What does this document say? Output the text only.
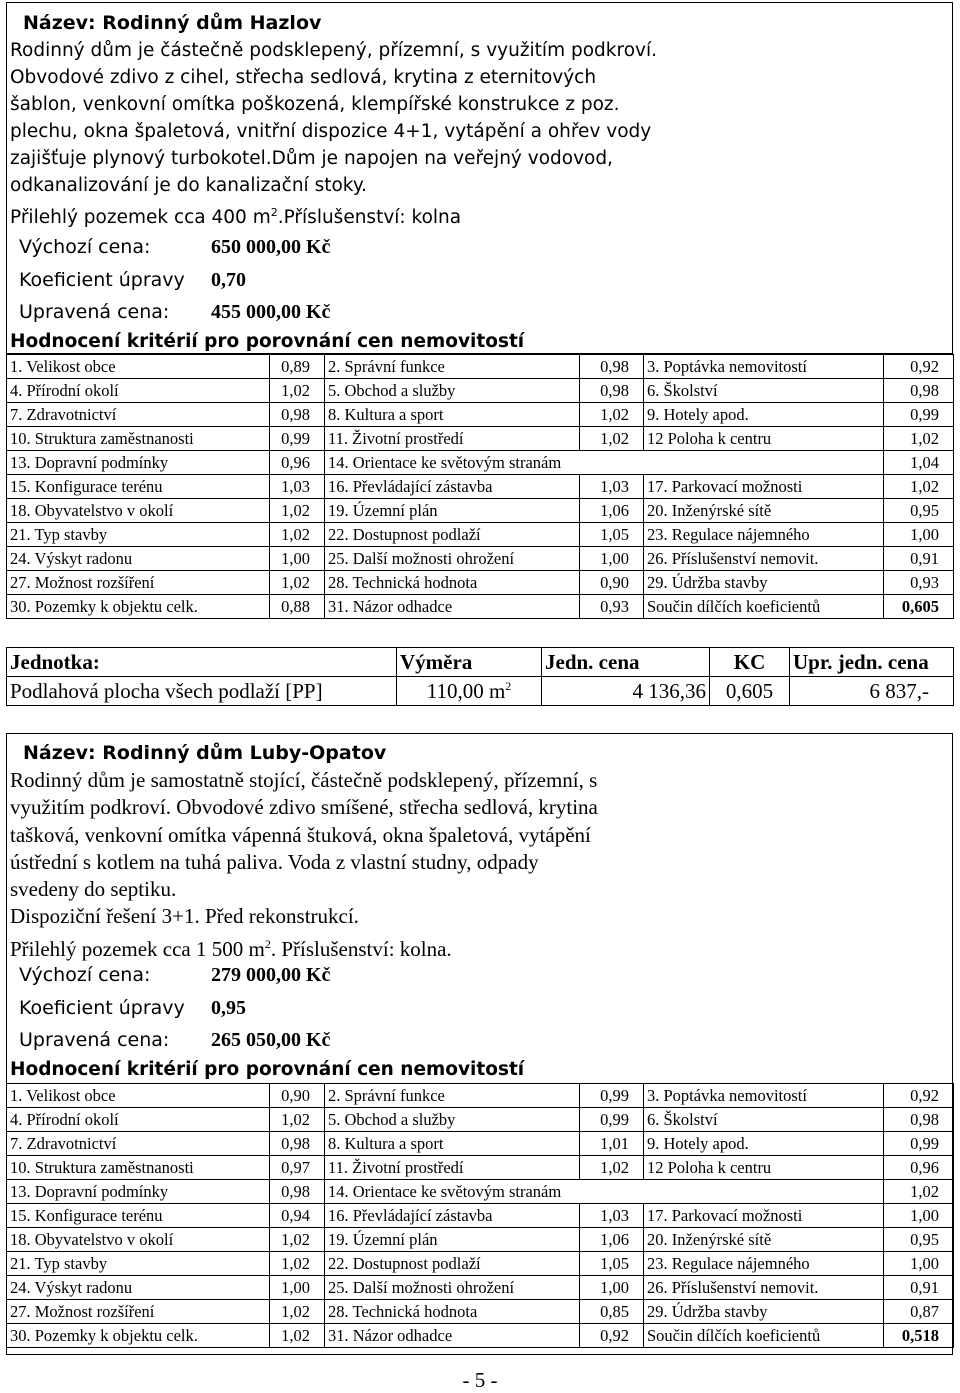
Název: Rodinný dům Hazlov
Rodinný dům je částečně podsklepený, přízemní, s využitím podkroví.
Obvodové zdivo z cihel, střecha sedlová, krytina z eternitových
šablon, venkovní omítka poškozená, klempířské konstrukce z poz.
plechu, okna špaletová, vnitřní dispozice 4+1, vytápění a ohřev vody
zajišťuje plynový turbokotel.Dům je napojen na veřejný vodovod,
odkanalizování je do kanalizační stoky.
Přilehlý pozemek cca 400 $m^2.Příslušenství$: kolna
Výchozí cena:	650 000,00 Kč
Koeficient úpravy 0,70
Upravená cena: 455 000,00 Kč
Hodnocení kritérií pro porovnání cen nemovitostí
1. Velikost obce	0,89	2. Správní funkce	0,98	3. Poptávka nemovitostí	0,92
4. Přírodní okolí	1,02	5. Obchod a služby	0,98	6. Školství	0,98
7. Zdravotnictví	0,98	8. Kultura a sport	1,02	9. Hotely apod.	0,99
10. Struktura zaměstnanosti	0,99	11. Životní prostředí	1,02	12 Poloha k centru	1,02
13. Dopravní podmínky	0,96	14. Orientace ke světovým stranám			1,04
15. Konfigurace terénu	1,03	16. Převládající zástavba	1,03	17. Parkovací možnosti	1,02
18. Obyvatelstvo v okolí	1,02	19. Územní plán	1,06	20. Inženýrské sítě	0,95
21. Typ stavby	1,02	22. Dostupnost podlaží	1,05	23. Regulace nájemného	1,00
24. Výskyt radonu	1,00	25. Další možnosti ohrožení	1,00	26. Příslušenství nemovit.	0,91
27. Možnost rozšíření	1,02	28. Technická hodnota	0,90	29. Údržba stavby	0,93
30. Pozemky k objektu celk.	0,88	31. Názor odhadce	0,93	Součin dílčích koeficientů	0,605
Jednotka:	Výměra	Jedn. cena	KC	Upr. jedn. cena
Podlahová plocha všech podlaží [PP]	110,00 $m^2$	4 136,36	0,605	6 837,-
Název: Rodinný dům Luby-Opatov
Rodinný dům je samostatně stojící, částečně podsklepený, přízemní, s
využitím podkroví. Obvodové zdivo smíšené, střecha sedlová, krytina
tašková, venkovní omítka vápenná štuková, okna špaletová, vytápění
ústřední s kotlem na tuhá paliva. Voda z vlastní studny, odpady
svedeny do septiku.
Dispoziční řešení 3+1. Před rekonstrukcí.
Přilehlý pozemek cca 1 500 $m^2$. Příslušenství: kolna.
Výchozí cena:	279 000,00 Kč
Koeficient úpravy 0,95
Upravená cena: 265 050,00 Kč
Hodnocení kritérií pro porovnání cen nemovitostí
1. Velikost obce	0,90	2. Správní funkce	0,99	3. Poptávka nemovitostí	0,92
4. Přírodní okolí	1,02	5. Obchod a služby	0,99	6. Školství	0,98
7. Zdravotnictví	0,98	8. Kultura a sport	1,01	9. Hotely apod.	0,99
10. Struktura zaměstnanosti	0,97	11. Životní prostředí	1,02	12 Poloha k centru	0,96
13. Dopravní podmínky	0,98	14. Orientace ke světovým stranám			1,02
15. Konfigurace terénu	0,94	16. Převládající zástavba	1,03	17. Parkovací možnosti	1,00
18. Obyvatelstvo v okolí	1,02	19. Územní plán	1,06	20. Inženýrské sítě	0,95
21. Typ stavby	1,02	22. Dostupnost podlaží	1,05	23. Regulace nájemného	1,00
24. Výskyt radonu	1,00	25. Další možnosti ohrožení	1,00	26. Příslušenství nemovit.	0,91
27. Možnost rozšíření	1,02	28. Technická hodnota	0,85	29. Údržba stavby	0,87
30. Pozemky k objektu celk.	1,02	31. Názor odhadce	0,92	Součin dílčích koeficientů	0,518
- 5 -
